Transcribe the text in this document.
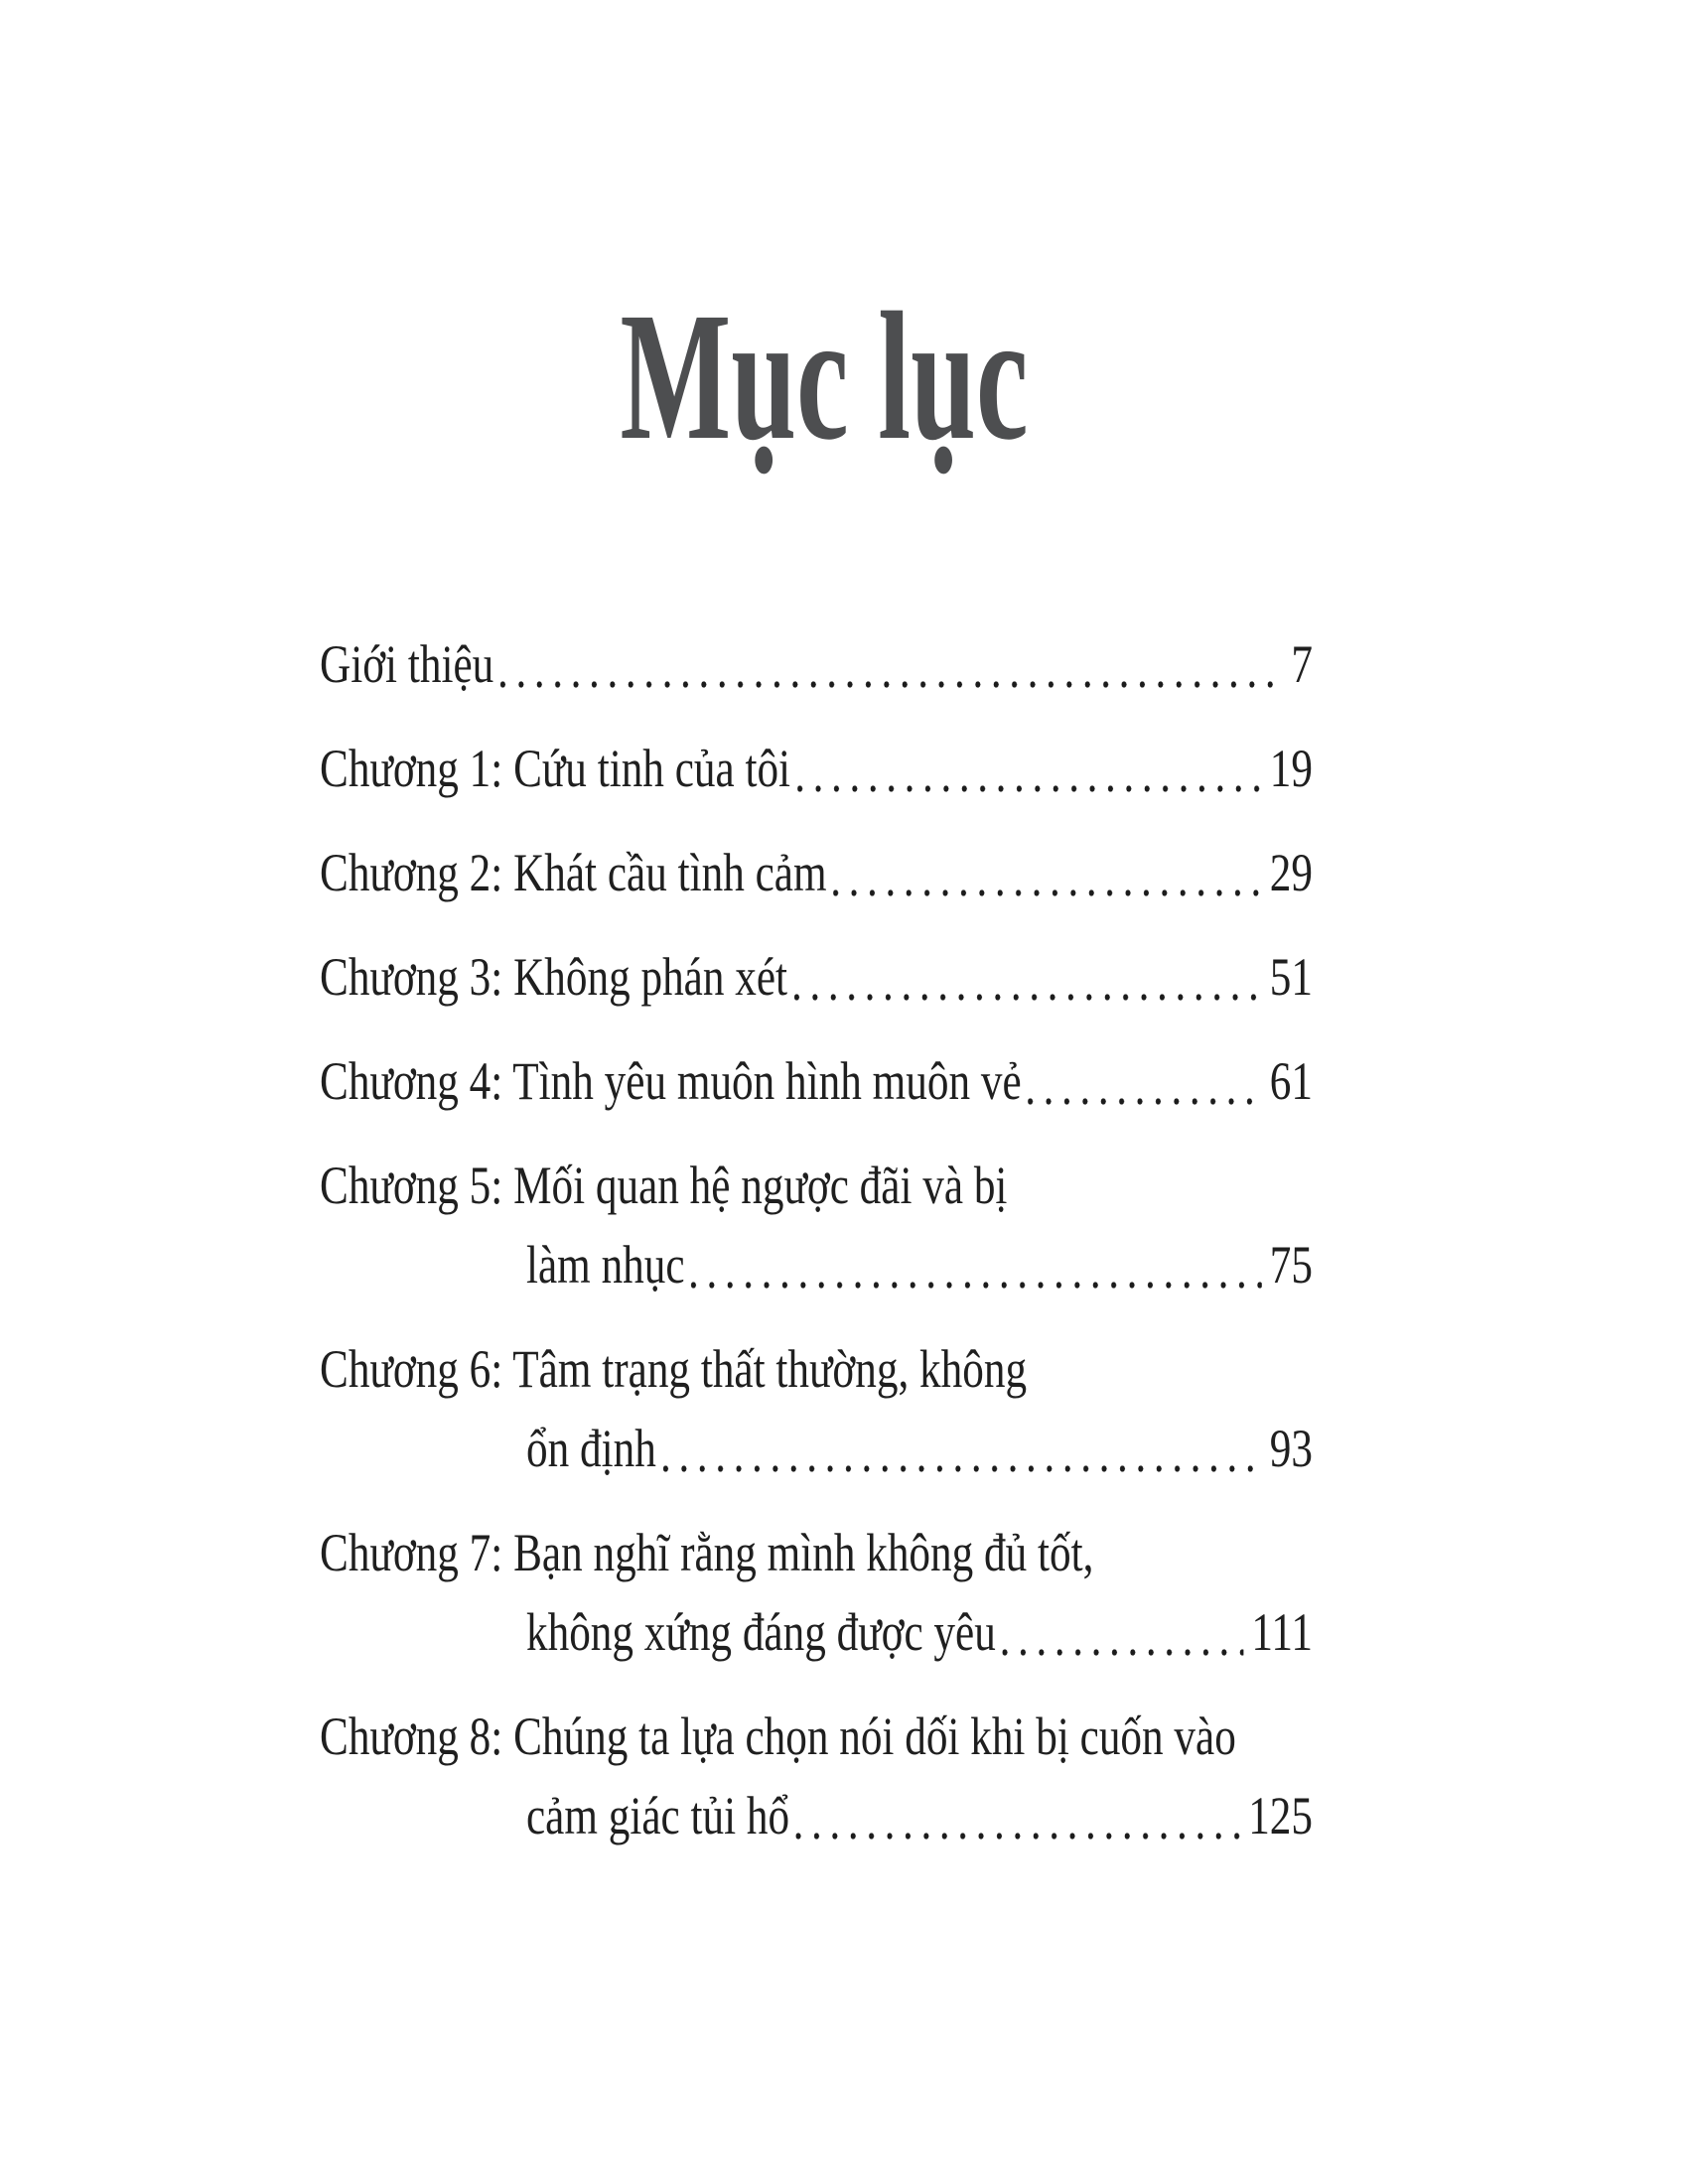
Mục lục
Giới thiệu	7
Chương 1: Cứu tinh của tôi	19
Chương 2: Khát cầu tình cảm	29
Chương 3: Không phán xét	51
Chương 4: Tình yêu muôn hình muôn vẻ	61
Chương 5: Mối quan hệ ngược đãi và bị
làm nhục	75
Chương 6: Tâm trạng thất thường, không
ổn định	93
Chương 7: Bạn nghĩ rằng mình không đủ tốt,
không xứng đáng được yêu	111
Chương 8: Chúng ta lựa chọn nói dối khi bị cuốn vào
cảm giác tủi hổ	125
